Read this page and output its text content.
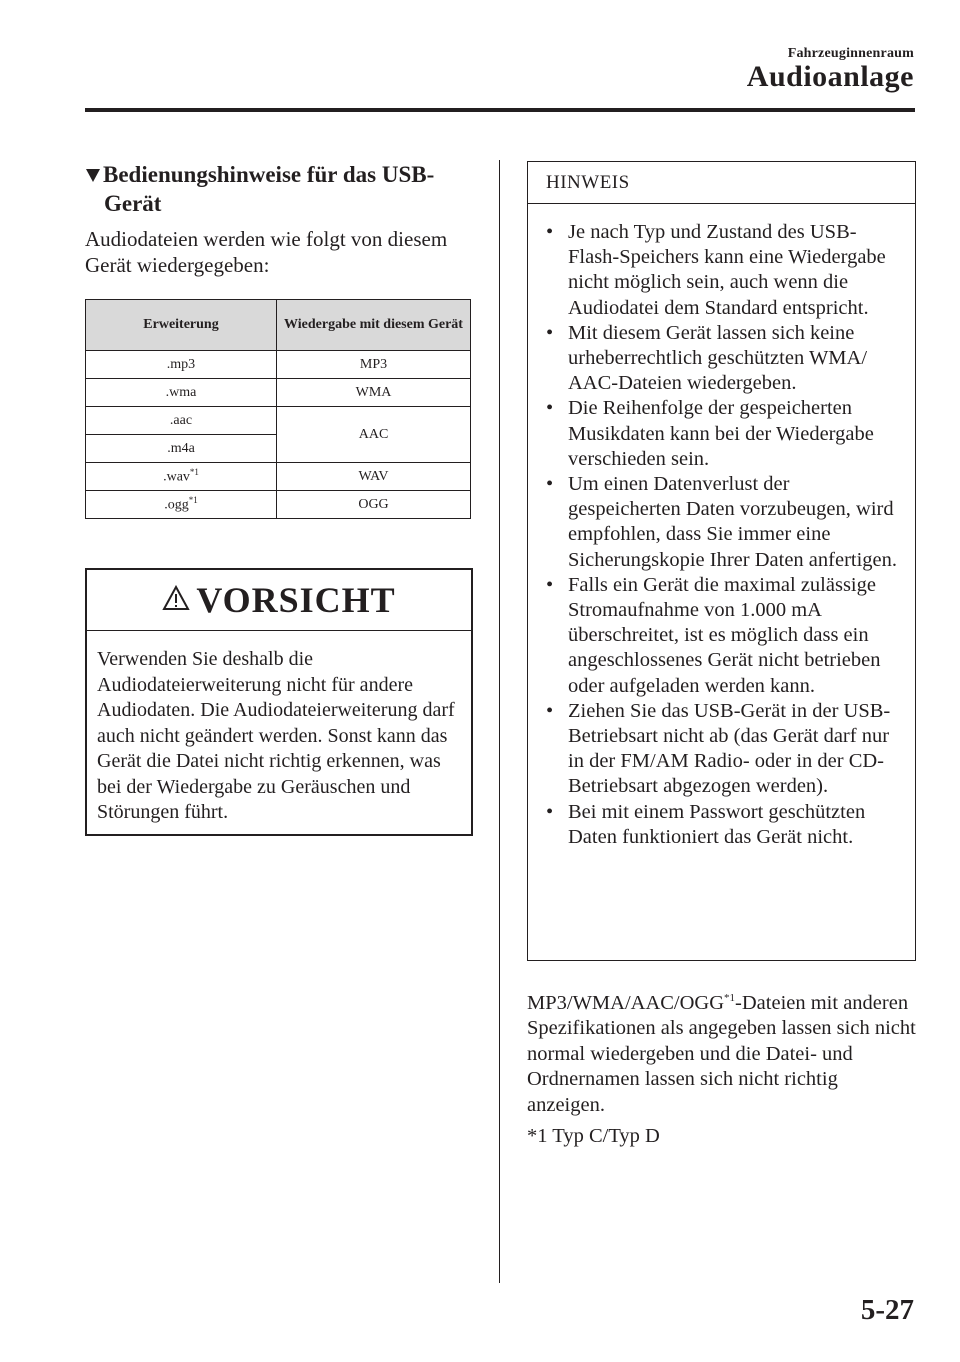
Fahrzeuginnenraum
Audioanlage
Bedienungshinweise für das USB-
Gerät
Audiodateien werden wie folgt von diesem Gerät wiedergegeben:
Erweiterung	Wiedergabe mit diesem Gerät
.mp3	MP3
.wma	WMA
.aac	AAC
.m4a	
.wav$^{*1}$	WAV
.ogg$^{*1}$	OGG
VORSICHT
Verwenden Sie deshalb die Audiodateierweiterung nicht für andere Audiodaten. Die Audiodateierweiterung darf auch nicht geändert werden. Sonst kann das Gerät die Datei nicht richtig erkennen, was bei der Wiedergabe zu Geräuschen und Störungen führt.
HINWEIS
• Je nach Typ und Zustand des USB-Flash-Speichers kann eine Wiedergabe nicht möglich sein, auch wenn die Audiodatei dem Standard entspricht.
• Mit diesem Gerät lassen sich keine urheberrechtlich geschützten WMA/ AAC-Dateien wiedergeben.
• Die Reihenfolge der gespeicherten Musikdaten kann bei der Wiedergabe verschieden sein.
• Um einen Datenverlust der gespeicherten Daten vorzubeugen, wird empfohlen, dass Sie immer eine Sicherungskopie Ihrer Daten anfertigen.
• Falls ein Gerät die maximal zulässige Stromaufnahme von 1.000 mA überschreitet, ist es möglich dass ein angeschlossenes Gerät nicht betrieben oder aufgeladen werden kann.
• Ziehen Sie das USB-Gerät in der USB-Betriebsart nicht ab (das Gerät darf nur in der FM/AM Radio- oder in der CD-Betriebsart abgezogen werden).
• Bei mit einem Passwort geschützten Daten funktioniert das Gerät nicht.
MP3/WMA/AAC/OGG$^{*1}$-Dateien mit anderen Spezifikationen als angegeben lassen sich nicht normal wiedergeben und die Datei- und Ordnernamen lassen sich nicht richtig anzeigen.
*1 Typ C/Typ D
5-27
